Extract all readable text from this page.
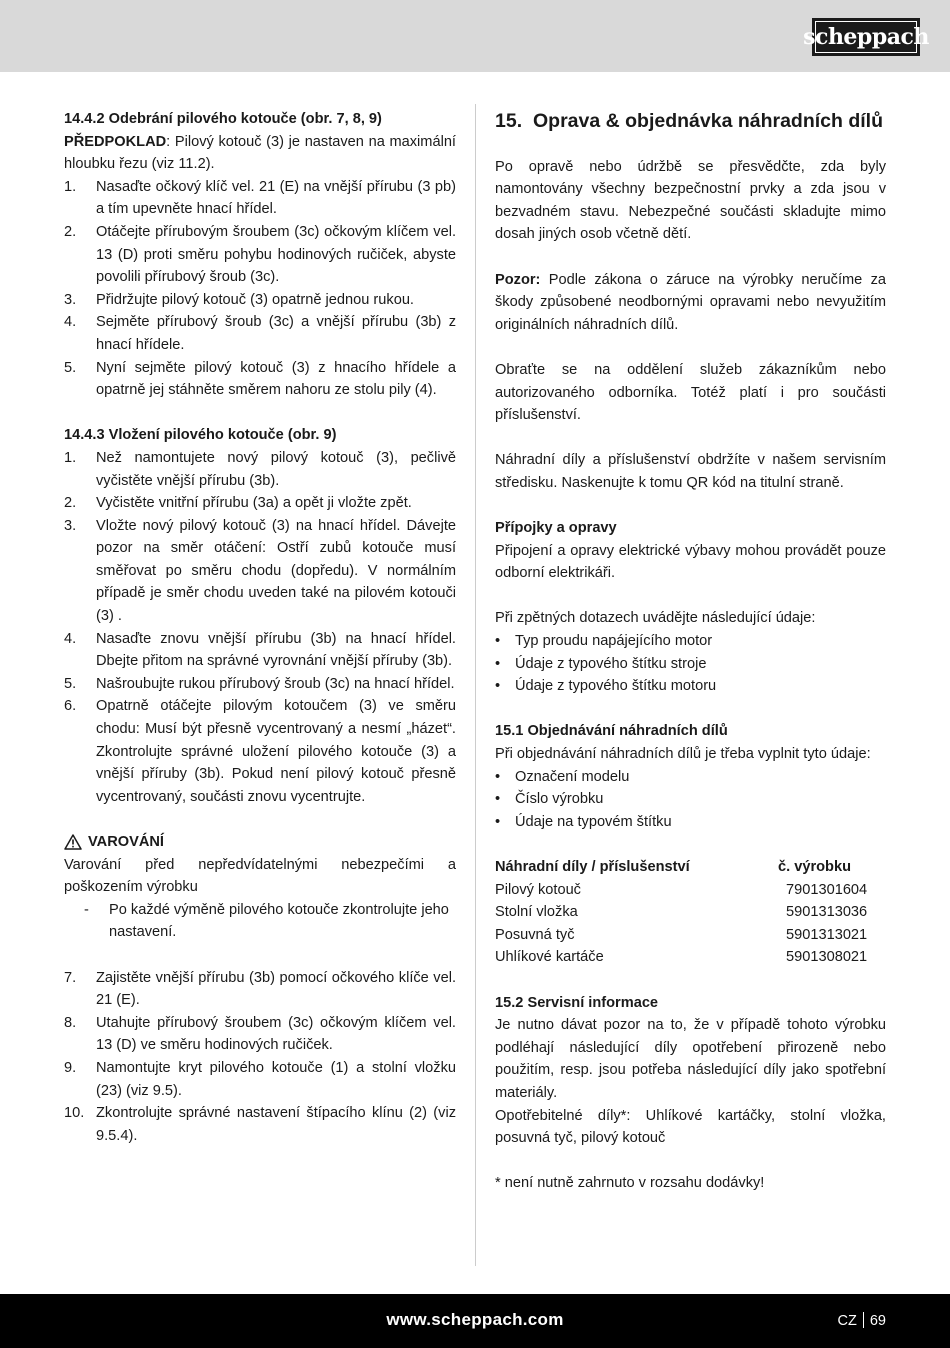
scheppach

14.4.2 Odebrání pilového kotouče (obr. 7, 8, 9)

PŘEDPOKLAD: Pilový kotouč (3) je nastaven na maximální hloubku řezu (viz 11.2).

1. Nasaďte očkový klíč vel. 21 (E) na vnější přírubu (3 pb) a tím upevněte hnací hřídel.
2. Otáčejte přírubovým šroubem (3c) očkovým klíčem vel. 13 (D) proti směru pohybu hodinových ručiček, abyste povolili přírubový šroub (3c).
3. Přidržujte pilový kotouč (3) opatrně jednou rukou.
4. Sejměte přírubový šroub (3c) a vnější přírubu (3b) z hnací hřídele.
5. Nyní sejměte pilový kotouč (3) z hnacího hřídele a opatrně jej stáhněte směrem nahoru ze stolu pily (4).

14.4.3 Vložení pilového kotouče (obr. 9)

1. Než namontujete nový pilový kotouč (3), pečlivě vyčistěte vnější přírubu (3b).
2. Vyčistěte vnitřní přírubu (3a) a opět ji vložte zpět.
3. Vložte nový pilový kotouč (3) na hnací hřídel. Dávejte pozor na směr otáčení: Ostří zubů kotouče musí směřovat po směru chodu (dopředu). V normálním případě je směr chodu uveden také na pilovém kotouči (3) .
4. Nasaďte znovu vnější přírubu (3b) na hnací hřídel. Dbejte přitom na správné vyrovnání vnější příruby (3b).
5. Našroubujte rukou přírubový šroub (3c) na hnací hřídel.
6. Opatrně otáčejte pilovým kotoučem (3) ve směru chodu: Musí být přesně vycentrovaný a nesmí „házet“. Zkontrolujte správné uložení pilového kotouče (3) a vnější příruby (3b). Pokud není pilový kotouč přesně vycentrovaný, součásti znovu vycentrujte.
VAROVÁNÍ

Varování před nepředvídatelnými nebezpečími a poškozením výrobku

- Po každé výměně pilového kotouče zkontrolujte jeho nastavení.
7. Zajistěte vnější přírubu (3b) pomocí očkového klíče vel. 21 (E).
8. Utahujte přírubový šroubem (3c) očkovým klíčem vel. 13 (D) ve směru hodinových ručiček.
9. Namontujte kryt pilového kotouče (1) a stolní vložku (23) (viz 9.5).
10. Zkontrolujte správné nastavení štípacího klínu (2) (viz 9.5.4).
15. Oprava & objednávka náhradních dílů

Po opravě nebo údržbě se přesvědčte, zda byly namontovány všechny bezpečnostní prvky a zda jsou v bezvadném stavu. Nebezpečné součásti skladujte mimo dosah jiných osob včetně dětí.

Pozor: Podle zákona o záruce na výrobky neručíme za škody způsobené neodbornými opravami nebo nevyužitím originálních náhradních dílů.

Obraťte se na oddělení služeb zákazníkům nebo autorizovaného odborníka. Totéž platí i pro součásti příslušenství.

Náhradní díly a příslušenství obdržíte v našem servisním středisku. Naskenujte k tomu QR kód na titulní straně.

Přípojky a opravy

Připojení a opravy elektrické výbavy mohou provádět pouze odborní elektrikáři.

Při zpětných dotazech uvádějte následující údaje:

• Typ proudu napájejícího motor
• Údaje z typového štítku stroje
• Údaje z typového štítku motoru

15.1 Objednávání náhradních dílů

Při objednávání náhradních dílů je třeba vyplnit tyto údaje:

• Označení modelu
• Číslo výrobku
• Údaje na typovém štítku
Náhradní díly / příslušenství	č. výrobku
Pilový kotouč	7901301604
Stolní vložka	5901313036
Posuvná tyč	5901313021
Uhlíkové kartáče	5901308021

15.2 Servisní informace

Je nutno dávat pozor na to, že v případě tohoto výrobku podléhají následující díly opotřebení přirozeně nebo použitím, resp. jsou potřeba následující díly jako spotřební materiály.

Opotřebitelné díly*: Uhlíkové kartáčky, stolní vložka, posuvná tyč, pilový kotouč

* není nutně zahrnuto v rozsahu dodávky!

www.scheppach.com	CZ 69
